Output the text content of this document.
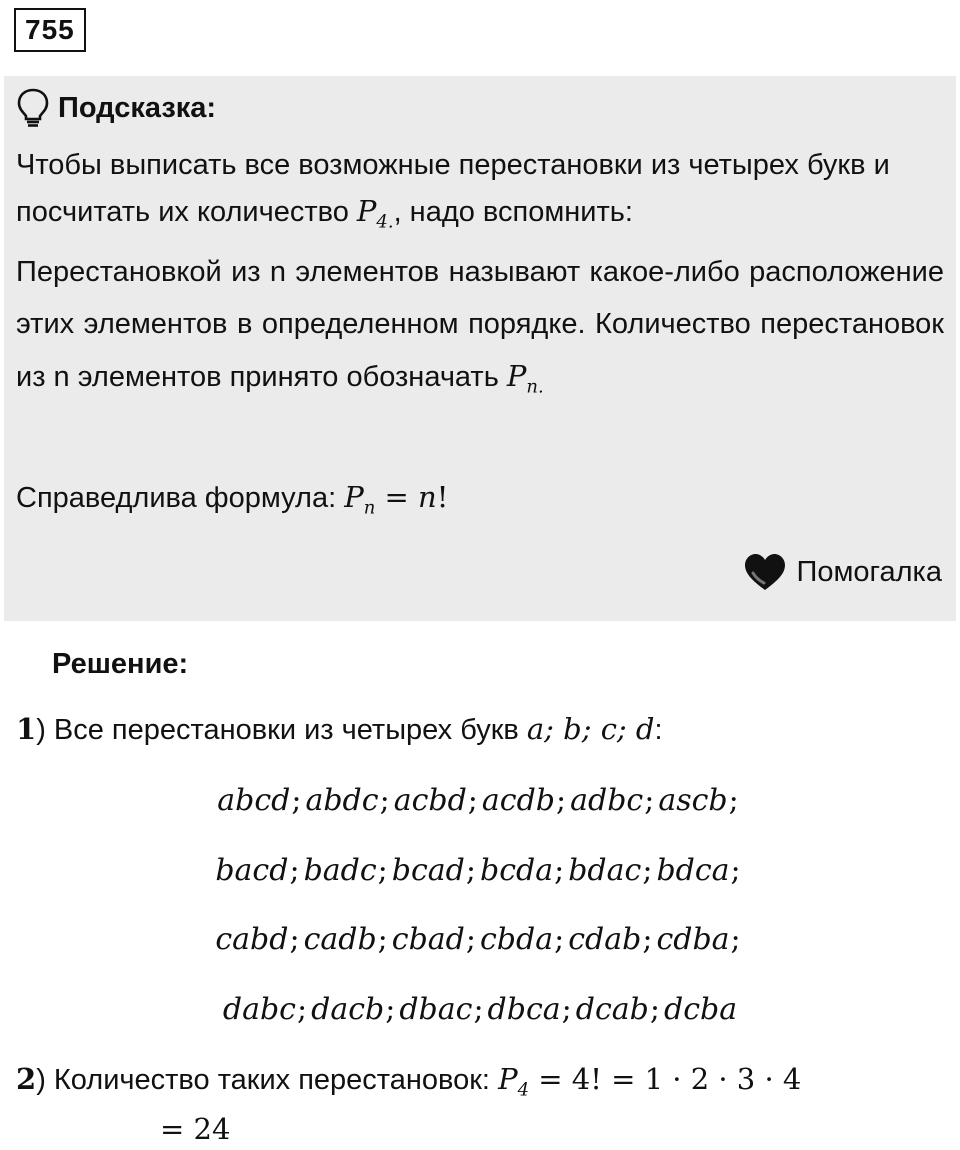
755
Подсказка:
Чтобы выписать все возможные перестановки из четырех букв и посчитать их количество $P_{4.}$, надо вспомнить:
Перестановкой из n элементов называют какое-либо расположение этих элементов в определенном порядке. Количество перестановок из n элементов принято обозначать $P_{n.}$
Справедлива формула: $P_n = n$!
Помогалка
Решение:
1) Все перестановки из четырех букв a; b; c; d:
abcd; abdc; acbd; acdb; adbc; ascb;
bacd; badc; bcad; bcda; bdac; bdca;
cabd; cadb; cbad; cbda; cdab; cdba;
dabc; dacb; dbac; dbca; dcab; dcba
2) Количество таких перестановок: $P_4 = 4$! = 1 · 2 · 3 · 4
= 24
